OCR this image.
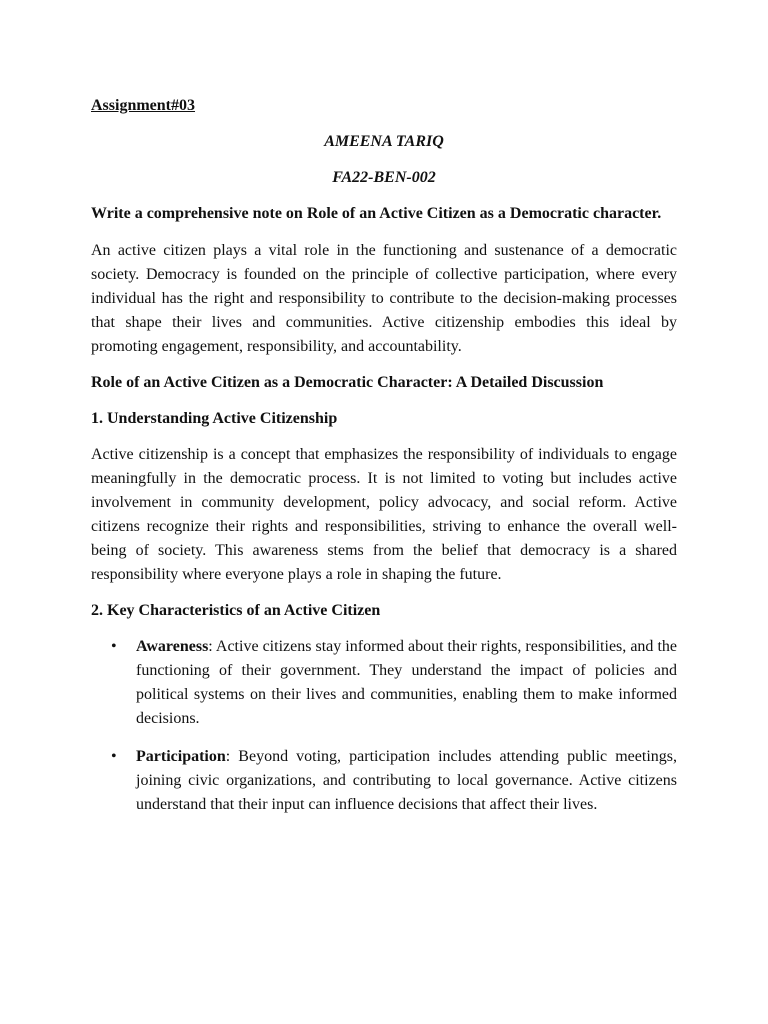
Assignment#03

AMEENA TARIQ

FA22-BEN-002

Write a comprehensive note on Role of an Active Citizen as a Democratic character.

An active citizen plays a vital role in the functioning and sustenance of a democratic society. Democracy is founded on the principle of collective participation, where every individual has the right and responsibility to contribute to the decision-making processes that shape their lives and communities. Active citizenship embodies this ideal by promoting engagement, responsibility, and accountability.

Role of an Active Citizen as a Democratic Character: A Detailed Discussion

1. Understanding Active Citizenship

Active citizenship is a concept that emphasizes the responsibility of individuals to engage meaningfully in the democratic process. It is not limited to voting but includes active involvement in community development, policy advocacy, and social reform. Active citizens recognize their rights and responsibilities, striving to enhance the overall well-being of society. This awareness stems from the belief that democracy is a shared responsibility where everyone plays a role in shaping the future.

2. Key Characteristics of an Active Citizen

• Awareness: Active citizens stay informed about their rights, responsibilities, and the functioning of their government. They understand the impact of policies and political systems on their lives and communities, enabling them to make informed decisions.
• Participation: Beyond voting, participation includes attending public meetings, joining civic organizations, and contributing to local governance. Active citizens understand that their input can influence decisions that affect their lives.
